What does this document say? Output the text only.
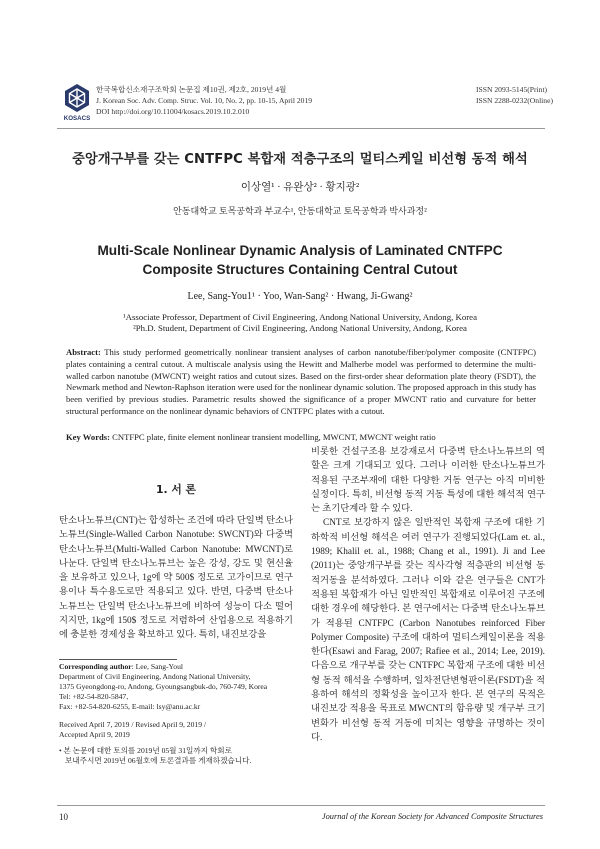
KOSACS
한국복합신소재구조학회 논문집 제10권, 제2호, 2019년 4월
J. Korean Soc. Adv. Comp. Struc. Vol. 10, No. 2, pp. 10-15, April 2019
DOI http://doi.org/10.11004/kosacs.2019.10.2.010
ISSN 2093-5145(Print)
ISSN 2288-0232(Online)
중앙개구부를 갖는 CNTFPC 복합재 적층구조의 멀티스케일 비선형 동적 해석
이상열¹ · 유완상² · 황지광²
안동대학교 토목공학과 부교수¹, 안동대학교 토목공학과 박사과정²
Multi-Scale Nonlinear Dynamic Analysis of Laminated CNTFPC
Composite Structures Containing Central Cutout
Lee, Sang-You1¹ · Yoo, Wan-Sang² · Hwang, Ji-Gwang²
¹Associate Professor, Department of Civil Engineering, Andong National University, Andong, Korea
²Ph.D. Student, Department of Civil Engineering, Andong National University, Andong, Korea
Abstract: This study performed geometrically nonlinear transient analyses of carbon nanotube/fiber/polymer composite (CNTFPC) plates containing a central cutout. A multiscale analysis using the Hewitt and Malherbe model was performed to determine the multi-walled carbon nanotube (MWCNT) weight ratios and cutout sizes. Based on the first-order shear deformation plate theory (FSDT), the Newmark method and Newton-Raphson iteration were used for the nonlinear dynamic solution. The proposed approach in this study has been verified by previous studies. Parametric results showed the significance of a proper MWCNT ratio and curvature for better structural performance on the nonlinear dynamic behaviors of CNTFPC plates with a cutout.
Key Words: CNTFPC plate, finite element nonlinear transient modelling, MWCNT, MWCNT weight ratio
1. 서 론
탄소나노튜브(CNT)는 합성하는 조건에 따라 단일벽 탄소나노튜브(Single-Walled Carbon Nanotube: SWCNT)와 다중벽 탄소나노튜브(Multi-Walled Carbon Nanotube: MWCNT)로 나눈다. 단일벽 탄소나노튜브는 높은 강성, 강도 및 현신율을 보유하고 있으나, 1g에 약 500$ 정도로 고가이므로 연구용이나 특수용도로만 적용되고 있다. 반면, 다중벽 탄소나노튜브는 단일벽 탄소나노튜브에 비하여 성능이 다소 떨어지지만, 1kg에 150$ 정도로 저렴하여 산업용으로 적용하기에 충분한 경제성을 확보하고 있다. 특히, 내진보강을
Corresponding author: Lee, Sang-Youl
Department of Civil Engineering, Andong National University,
1375 Gyeongdong-ro, Andong, Gyoungsangbuk-do, 760-749, Korea
Tel: +82-54-820-5847,
Fax: +82-54-820-6255, E-mail: lsy@anu.ac.kr
Received April 7, 2019 / Revised April 9, 2019 /
Accepted April 9, 2019
• 본 논문에 대한 토의를 2019년 05월 31일까지 학회로
보내주시면 2019년 06월호에 토론결과를 게재하겠습니다.

비롯한 건설구조용 보강재로서 다중벽 탄소나노튜브의 역할은 크게 기대되고 있다. 그러나 이러한 탄소나노튜브가 적용된 구조부재에 대한 다양한 거동 연구는 아직 미비한 실정이다. 특히, 비선형 동적 거동 특성에 대한 해석적 연구는 초기단계라 할 수 있다.

CNT로 보강하지 않은 일반적인 복합재 구조에 대한 기하학적 비선형 해석은 여러 연구가 진행되었다(Lam et. al., 1989; Khalil et. al., 1988; Chang et al., 1991). Ji and Lee (2011)는 중앙개구부를 갖는 직사각형 적층판의 비선형 동적거동을 분석하였다. 그러나 이와 같은 연구들은 CNT가 적용된 복합재가 아닌 일반적인 복합재로 이루어진 구조에 대한 경우에 해당한다. 본 연구에서는 다중벽 탄소나노튜브가 적용된 CNTFPC (Carbon Nanotubes reinforced Fiber Polymer Composite) 구조에 대하여 멀티스케일이론을 적용한다(Esawi and Farag, 2007; Rafiee et al., 2014; Lee, 2019). 다음으로 개구부를 갖는 CNTFPC 복합재 구조에 대한 비선형 동적 해석을 수행하며, 일차전단변형판이론(FSDT)을 적용하여 해석의 정확성을 높이고자 한다. 본 연구의 목적은 내진보강 적용을 목표로 MWCNT의 함유량 및 개구부 크기 변화가 비선형 동적 거동에 미치는 영향을 규명하는 것이다.

10	Journal of the Korean Society for Advanced Composite Structures
